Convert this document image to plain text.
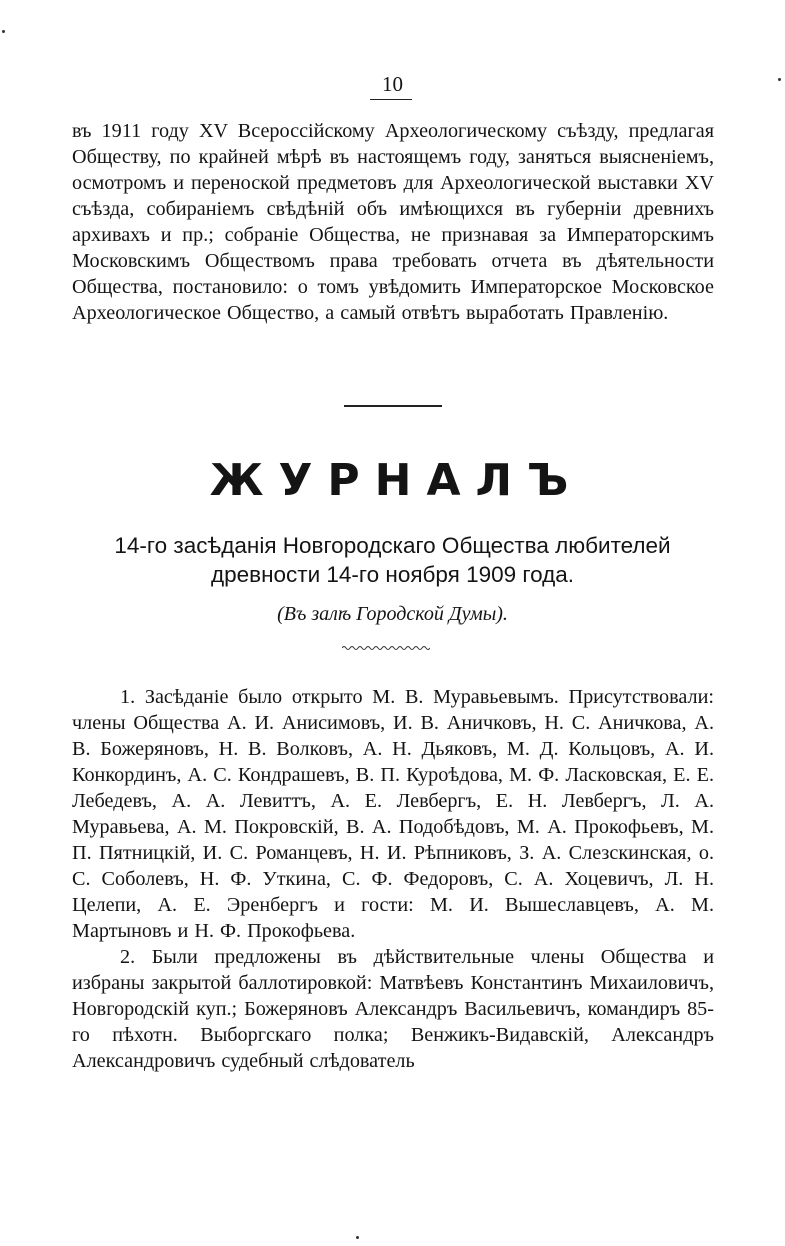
10

въ 1911 году XV Всероссійскому Археологическому съѣзду, предлагая Обществу, по крайней мѣрѣ въ настоящемъ году, заняться выясненіемъ, осмотромъ и переноской предметовъ для Археологической выставки XV съѣзда, собираніемъ свѣдѣній объ имѣющихся въ губерніи древнихъ архивахъ и пр.; собраніе Общества, не признавая за Императорскимъ Московскимъ Обществомъ права требовать отчета въ дѣятельности Общества, постановило: о томъ увѣдомить Императорское Московское Археологическое Общество, а самый отвѣтъ выработать Правленію.

ЖУРНАЛЪ
14-го засѣданія Новгородскаго Общества любителей
древности 14-го ноября 1909 года.
(Въ залѣ Городской Думы).

1. Засѣданіе было открыто М. В. Муравьевымъ. Присутствовали: члены Общества А. И. Анисимовъ, И. В. Аничковъ, Н. С. Аничкова, А. В. Божеряновъ, Н. В. Волковъ, А. Н. Дьяковъ, М. Д. Кольцовъ, А. И. Конкординъ, А. С. Кондрашевъ, В. П. Куроѣдова, М. Ф. Ласковская, Е. Е. Лебедевъ, А. А. Левиттъ, А. Е. Левбергъ, Е. Н. Левбергъ, Л. А. Муравьева, А. М. Покровскій, В. А. Подобѣдовъ, М. А. Прокофьевъ, М. П. Пятницкій, И. С. Романцевъ, Н. И. Рѣпниковъ, З. А. Слезскинская, о. С. Соболевъ, Н. Ф. Уткина, С. Ф. Федоровъ, С. А. Хоцевичъ, Л. Н. Целепи, А. Е. Эренбергъ и гости: М. И. Вышеславцевъ, А. М. Мартыновъ и Н. Ф. Прокофьева.

2. Были предложены въ дѣйствительные члены Общества и избраны закрытой баллотировкой: Матвѣевъ Константинъ Михаиловичъ, Новгородскій куп.; Божеряновъ Александръ Васильевичъ, командиръ 85-го пѣхотн. Выборгскаго полка; Венжикъ-Видавскій, Александръ Александровичъ судебный слѣдователь
